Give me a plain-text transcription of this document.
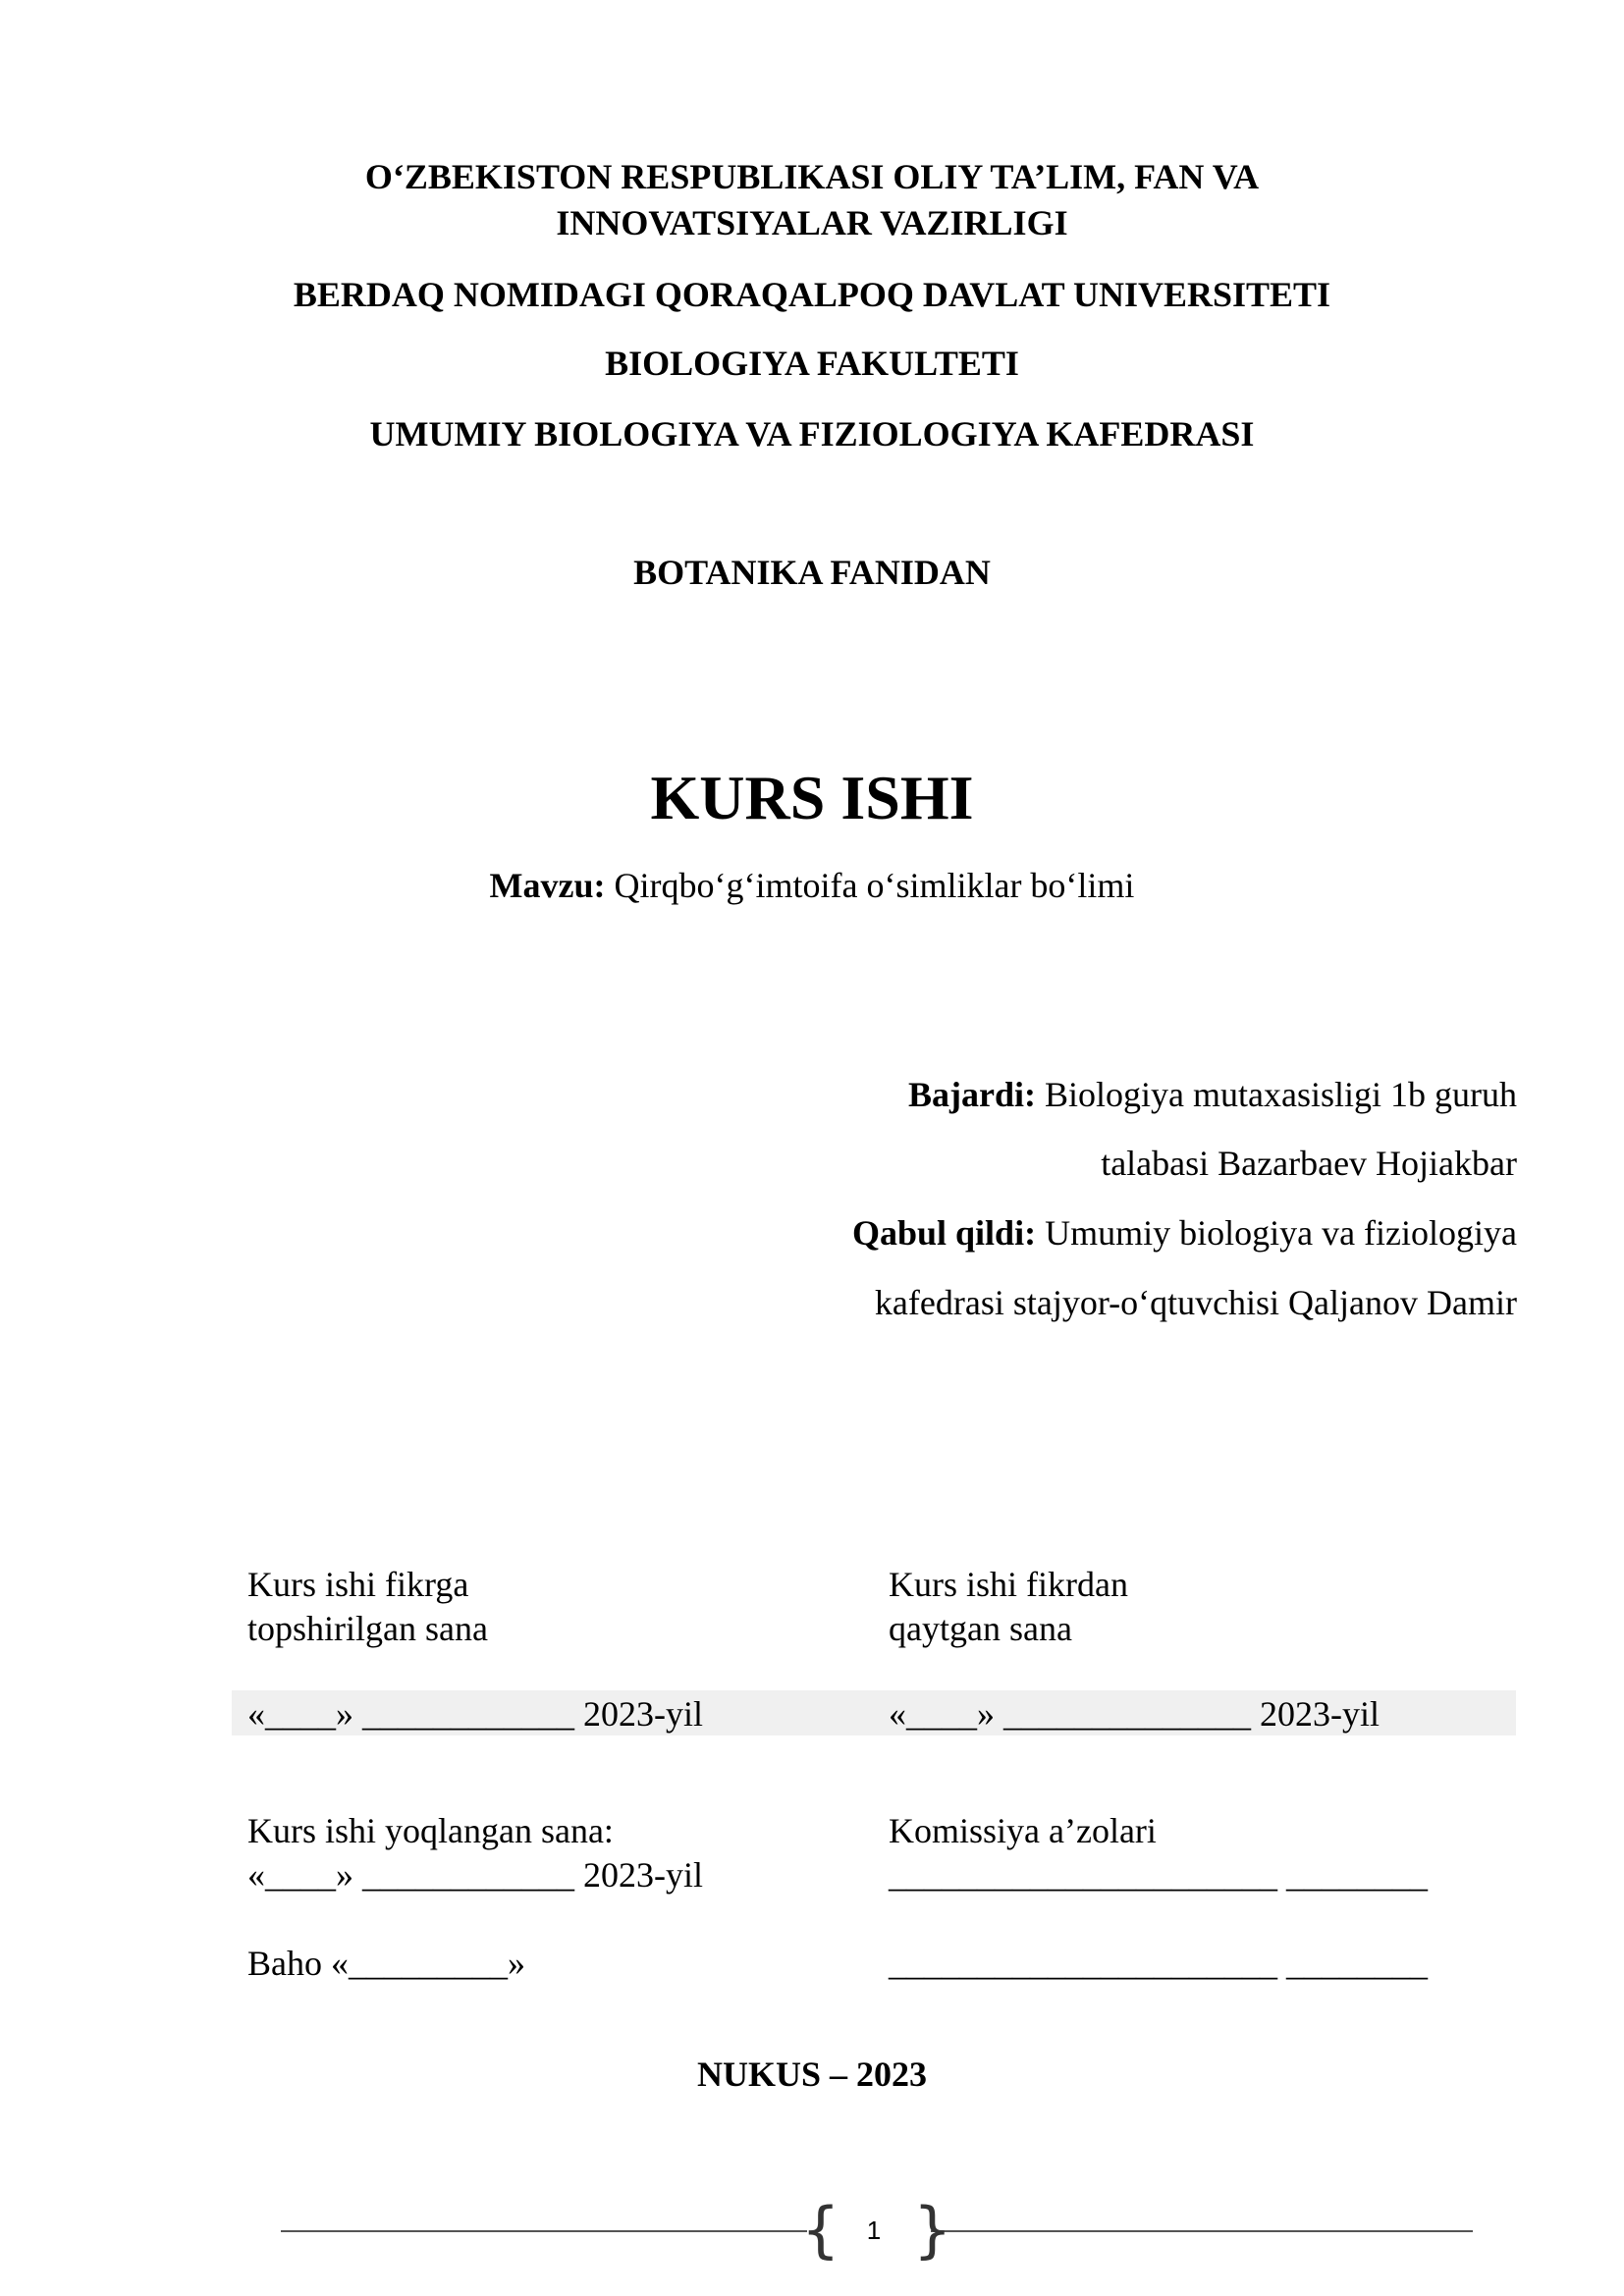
O‘ZBEKISTON RESPUBLIKASI OLIY TA’LIM, FAN VA
INNOVATSIYALAR VAZIRLIGI
BERDAQ NOMIDAGI QORAQALPOQ DAVLAT UNIVERSITETI
BIOLOGIYA FAKULTETI
UMUMIY BIOLOGIYA VA FIZIOLOGIYA KAFEDRASI
BOTANIKA FANIDAN
KURS ISHI
Mavzu: Qirqbo‘g‘imtoifa o‘simliklar bo‘limi
Bajardi: Biologiya mutaxasisligi 1b guruh
talabasi Bazarbaev Hojiakbar
Qabul qildi: Umumiy biologiya va fiziologiya
kafedrasi stajyor-o‘qtuvchisi Qaljanov Damir
Kurs ishi fikrga
topshirilgan sana
Kurs ishi fikrdan
qaytgan sana
«____» ____________ 2023-yil	«____» ______________ 2023-yil
Kurs ishi yoqlangan sana:
«____» ____________ 2023-yil
Komissiya a’zolari
______________________ ________
Baho «_________»	______________________ ________
NUKUS – 2023
{ }
1
